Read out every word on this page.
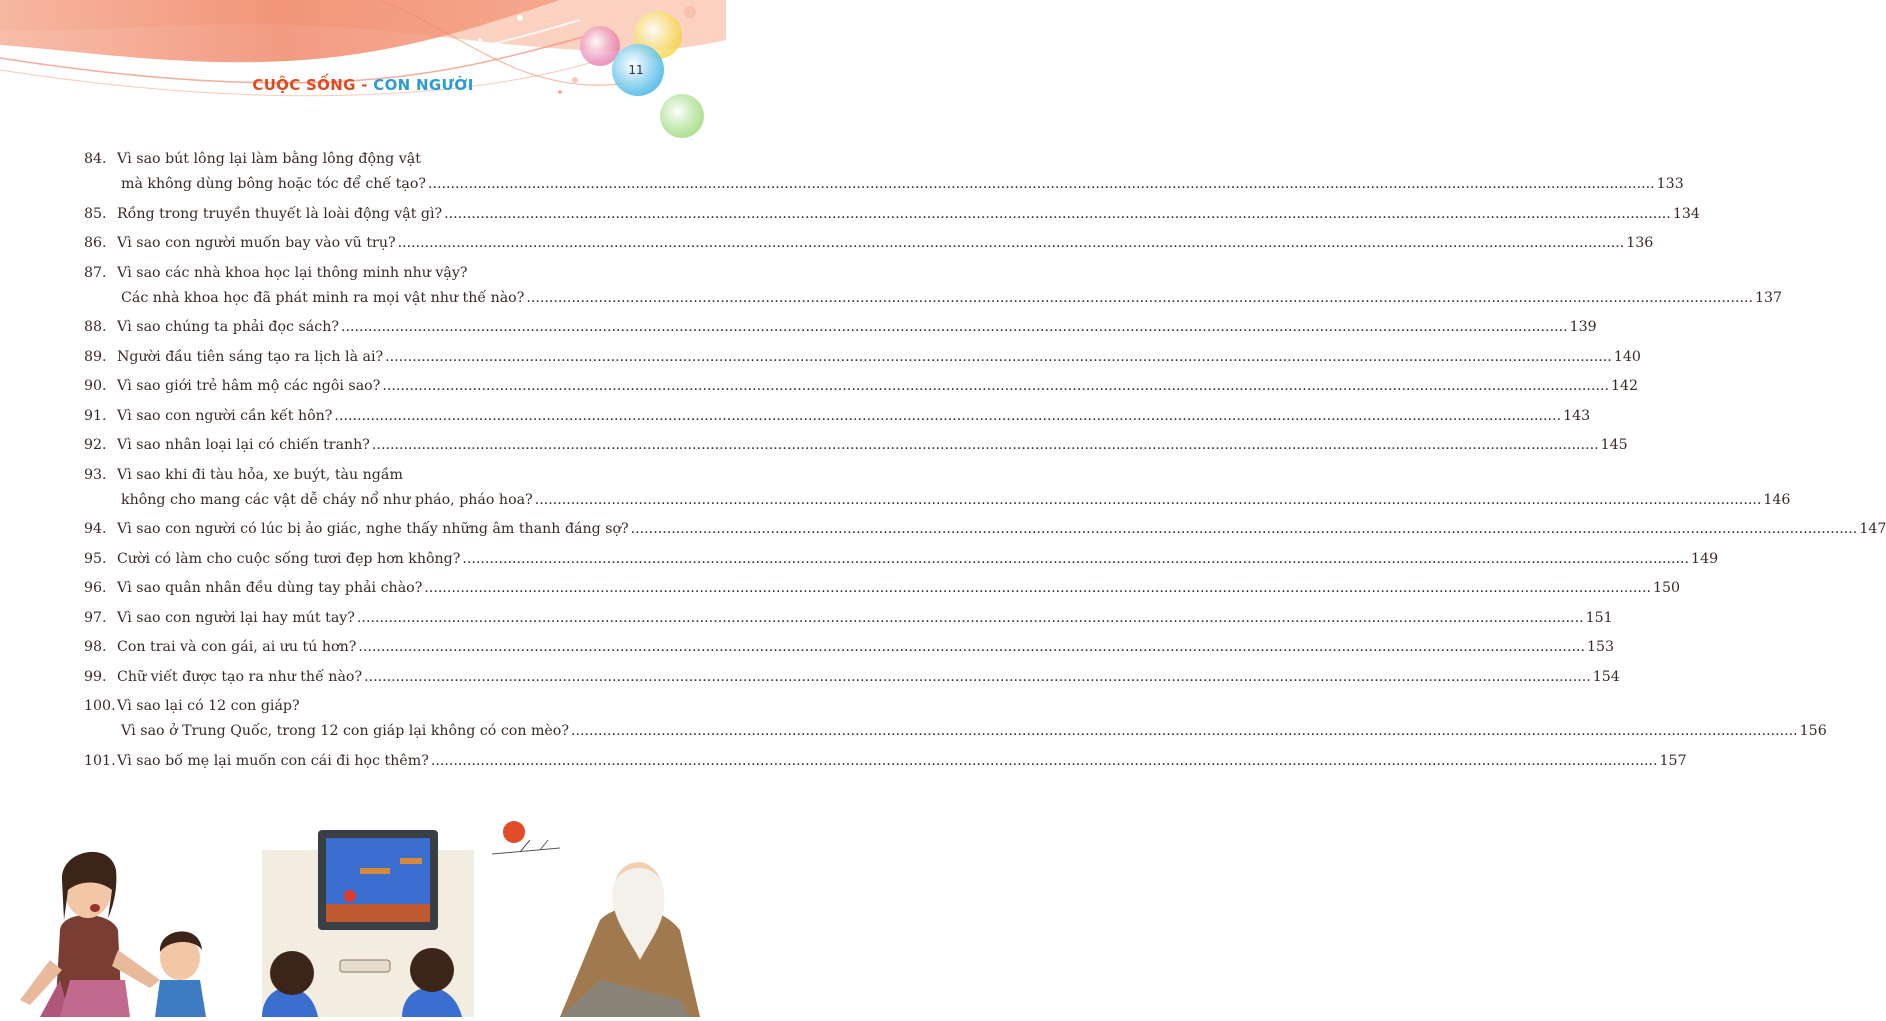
CUỘC SỐNG - CON NGƯỜI
11
84. Vì sao bút lông lại làm bằng lông động vật
mà không dùng bông hoặc tóc để chế tạo? .....	133
85. Rồng trong truyền thuyết là loài động vật gì? .....	134
86. Vì sao con người muốn bay vào vũ trụ? .....	136
87. Vì sao các nhà khoa học lại thông minh như vậy?
Các nhà khoa học đã phát minh ra mọi vật như thế nào? .....	137
88. Vì sao chúng ta phải đọc sách? .....	139
89. Người đầu tiên sáng tạo ra lịch là ai? .....	140
90. Vì sao giới trẻ hâm mộ các ngôi sao? .....	142
91. Vì sao con người cần kết hôn? .....	143
92. Vì sao nhân loại lại có chiến tranh? .....	145
93. Vì sao khi đi tàu hỏa, xe buýt, tàu ngầm
không cho mang các vật dễ cháy nổ như pháo, pháo hoa? .....	146
94. Vì sao con người có lúc bị ảo giác, nghe thấy những âm thanh đáng sợ? .....	147
95. Cười có làm cho cuộc sống tươi đẹp hơn không? .....	149
96. Vì sao quân nhân đều dùng tay phải chào? .....	150
97. Vì sao con người lại hay mút tay? .....	151
98. Con trai và con gái, ai ưu tú hơn? .....	153
99. Chữ viết được tạo ra như thế nào? .....	154
100. Vì sao lại có 12 con giáp?
Vì sao ở Trung Quốc, trong 12 con giáp lại không có con mèo? .....	156
101. Vì sao bố mẹ lại muốn con cái đi học thêm? .....	157
